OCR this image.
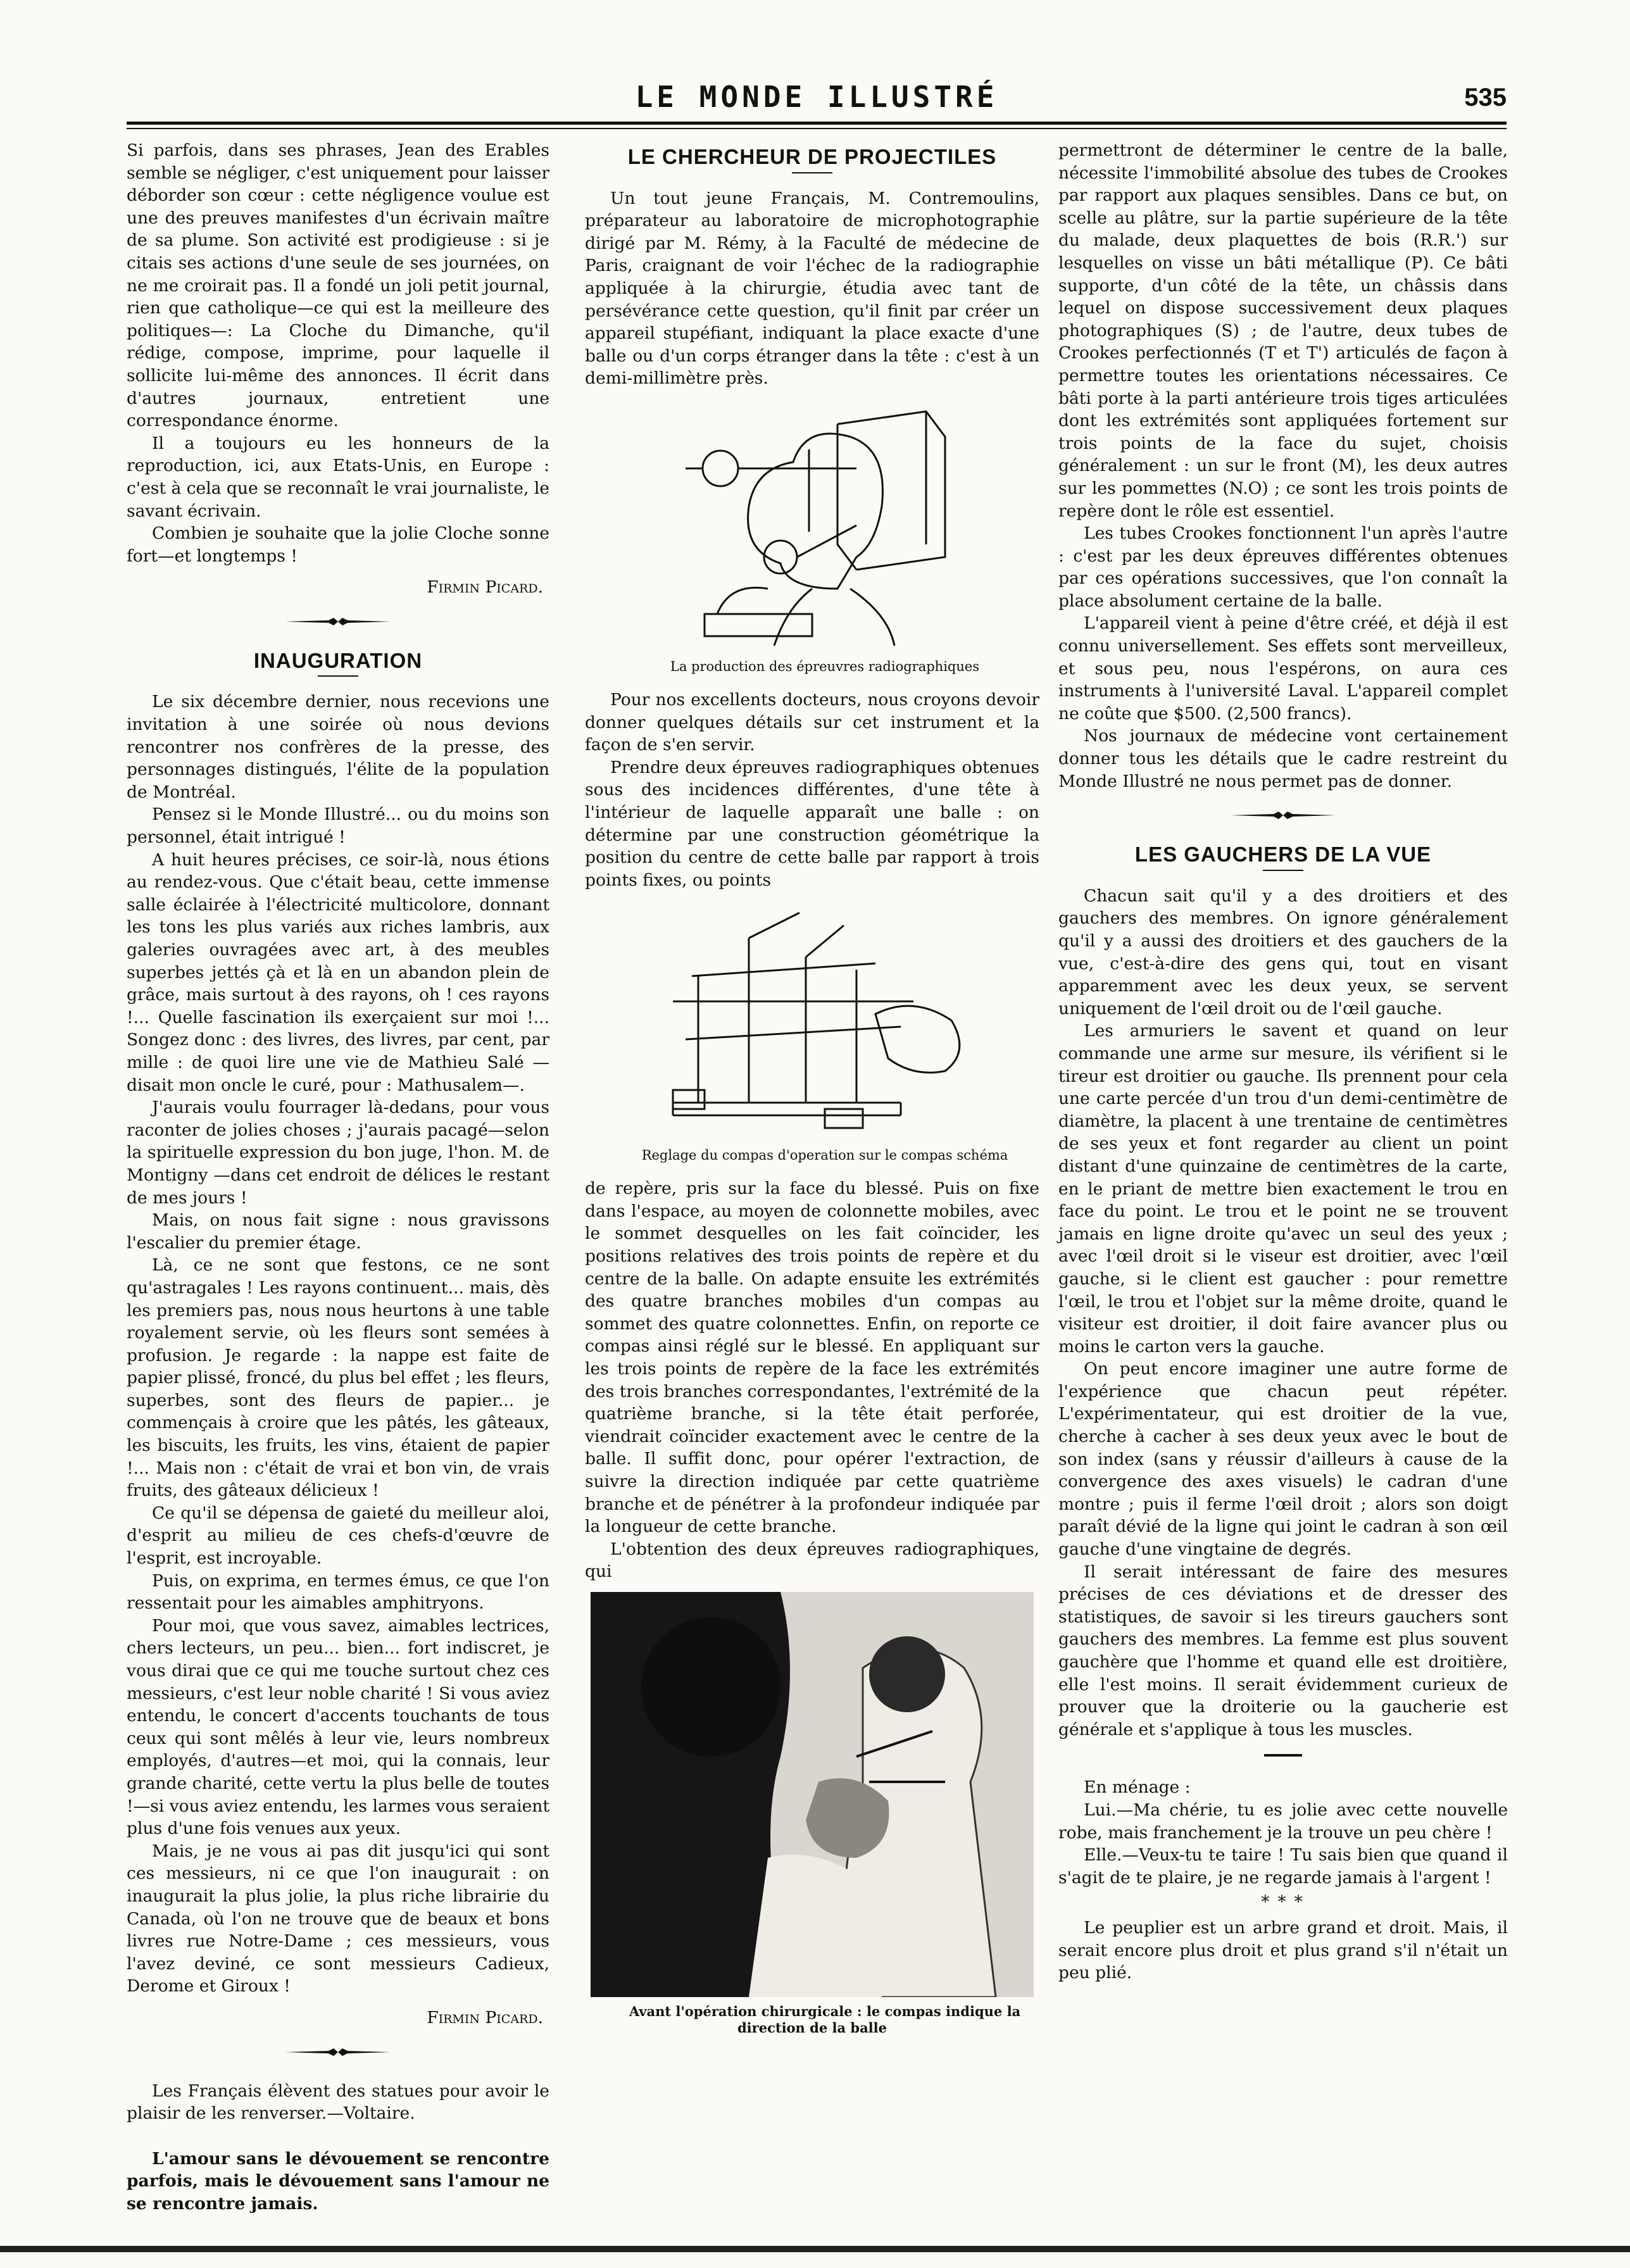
LE MONDE ILLUSTRÉ	535

Si parfois, dans ses phrases, Jean des Erables semble se négliger, c'est uniquement pour laisser déborder son cœur : cette négligence voulue est une des preuves manifestes d'un écrivain maître de sa plume. Son activité est prodigieuse : si je citais ses actions d'une seule de ses journées, on ne me croirait pas. Il a fondé un joli petit journal, rien que catholique—ce qui est la meilleure des politiques—: La Cloche du Dimanche, qu'il rédige, compose, imprime, pour laquelle il sollicite lui-même des annonces. Il écrit dans d'autres journaux, entretient une correspondance énorme.

Il a toujours eu les honneurs de la reproduction, ici, aux Etats-Unis, en Europe : c'est à cela que se reconnaît le vrai journaliste, le savant écrivain.

Combien je souhaite que la jolie Cloche sonne fort—et longtemps !

Firmin Picard.
INAUGURATION

Le six décembre dernier, nous recevions une invitation à une soirée où nous devions rencontrer nos confrères de la presse, des personnages distingués, l'élite de la population de Montréal.

Pensez si le Monde Illustré... ou du moins son personnel, était intrigué !

A huit heures précises, ce soir-là, nous étions au rendez-vous. Que c'était beau, cette immense salle éclairée à l'électricité multicolore, donnant les tons les plus variés aux riches lambris, aux galeries ouvragées avec art, à des meubles superbes jettés çà et là en un abandon plein de grâce, mais surtout à des rayons, oh ! ces rayons !... Quelle fascination ils exerçaient sur moi !... Songez donc : des livres, des livres, par cent, par mille : de quoi lire une vie de Mathieu Salé —disait mon oncle le curé, pour : Mathusalem—.

J'aurais voulu fourrager là-dedans, pour vous raconter de jolies choses ; j'aurais pacagé—selon la spirituelle expression du bon juge, l'hon. M. de Montigny —dans cet endroit de délices le restant de mes jours !

Mais, on nous fait signe : nous gravissons l'escalier du premier étage.

Là, ce ne sont que festons, ce ne sont qu'astragales ! Les rayons continuent... mais, dès les premiers pas, nous nous heurtons à une table royalement servie, où les fleurs sont semées à profusion. Je regarde : la nappe est faite de papier plissé, froncé, du plus bel effet ; les fleurs, superbes, sont des fleurs de papier... je commençais à croire que les pâtés, les gâteaux, les biscuits, les fruits, les vins, étaient de papier !... Mais non : c'était de vrai et bon vin, de vrais fruits, des gâteaux délicieux !

Ce qu'il se dépensa de gaieté du meilleur aloi, d'esprit au milieu de ces chefs-d'œuvre de l'esprit, est incroyable.

Puis, on exprima, en termes émus, ce que l'on ressentait pour les aimables amphitryons.

Pour moi, que vous savez, aimables lectrices, chers lecteurs, un peu... bien... fort indiscret, je vous dirai que ce qui me touche surtout chez ces messieurs, c'est leur noble charité ! Si vous aviez entendu, le concert d'accents touchants de tous ceux qui sont mêlés à leur vie, leurs nombreux employés, d'autres—et moi, qui la connais, leur grande charité, cette vertu la plus belle de toutes !—si vous aviez entendu, les larmes vous seraient plus d'une fois venues aux yeux.

Mais, je ne vous ai pas dit jusqu'ici qui sont ces messieurs, ni ce que l'on inaugurait : on inaugurait la plus jolie, la plus riche librairie du Canada, où l'on ne trouve que de beaux et bons livres rue Notre-Dame ; ces messieurs, vous l'avez deviné, ce sont messieurs Cadieux, Derome et Giroux !

Firmin Picard.

Les Français élèvent des statues pour avoir le plaisir de les renverser.—Voltaire.

L'amour sans le dévouement se rencontre parfois, mais le dévouement sans l'amour ne se rencontre jamais.

LE CHERCHEUR DE PROJECTILES

Un tout jeune Français, M. Contremoulins, préparateur au laboratoire de microphotographie dirigé par M. Rémy, à la Faculté de médecine de Paris, craignant de voir l'échec de la radiographie appliquée à la chirurgie, étudia avec tant de persévérance cette question, qu'il finit par créer un appareil stupéfiant, indiquant la place exacte d'une balle ou d'un corps étranger dans la tête : c'est à un demi-millimètre près.

La production des épreuvres radiographiques

Pour nos excellents docteurs, nous croyons devoir donner quelques détails sur cet instrument et la façon de s'en servir.

Prendre deux épreuves radiographiques obtenues sous des incidences différentes, d'une tête à l'intérieur de laquelle apparaît une balle : on détermine par une construction géométrique la position du centre de cette balle par rapport à trois points fixes, ou points

Reglage du compas d'operation sur le compas schéma

de repère, pris sur la face du blessé. Puis on fixe dans l'espace, au moyen de colonnette mobiles, avec le sommet desquelles on les fait coïncider, les positions relatives des trois points de repère et du centre de la balle. On adapte ensuite les extrémités des quatre branches mobiles d'un compas au sommet des quatre colonnettes. Enfin, on reporte ce compas ainsi réglé sur le blessé. En appliquant sur les trois points de repère de la face les extrémités des trois branches correspondantes, l'extrémité de la quatrième branche, si la tête était perforée, viendrait coïncider exactement avec le centre de la balle. Il suffit donc, pour opérer l'extraction, de suivre la direction indiquée par cette quatrième branche et de pénétrer à la profondeur indiquée par la longueur de cette branche.

L'obtention des deux épreuves radiographiques, qui

Avant l'opération chirurgicale : le compas indique la direction de la balle

permettront de déterminer le centre de la balle, nécessite l'immobilité absolue des tubes de Crookes par rapport aux plaques sensibles. Dans ce but, on scelle au plâtre, sur la partie supérieure de la tête du malade, deux plaquettes de bois (R.R.') sur lesquelles on visse un bâti métallique (P). Ce bâti supporte, d'un côté de la tête, un châssis dans lequel on dispose successivement deux plaques photographiques (S) ; de l'autre, deux tubes de Crookes perfectionnés (T et T') articulés de façon à permettre toutes les orientations nécessaires. Ce bâti porte à la parti antérieure trois tiges articulées dont les extrémités sont appliquées fortement sur trois points de la face du sujet, choisis généralement : un sur le front (M), les deux autres sur les pommettes (N.O) ; ce sont les trois points de repère dont le rôle est essentiel.

Les tubes Crookes fonctionnent l'un après l'autre : c'est par les deux épreuves différentes obtenues par ces opérations successives, que l'on connaît la place absolument certaine de la balle.

L'appareil vient à peine d'être créé, et déjà il est connu universellement. Ses effets sont merveilleux, et sous peu, nous l'espérons, on aura ces instruments à l'université Laval. L'appareil complet ne coûte que $500. (2,500 francs).

Nos journaux de médecine vont certainement donner tous les détails que le cadre restreint du Monde Illustré ne nous permet pas de donner.

LES GAUCHERS DE LA VUE

Chacun sait qu'il y a des droitiers et des gauchers des membres. On ignore généralement qu'il y a aussi des droitiers et des gauchers de la vue, c'est-à-dire des gens qui, tout en visant apparemment avec les deux yeux, se servent uniquement de l'œil droit ou de l'œil gauche.

Les armuriers le savent et quand on leur commande une arme sur mesure, ils vérifient si le tireur est droitier ou gauche. Ils prennent pour cela une carte percée d'un trou d'un demi-centimètre de diamètre, la placent à une trentaine de centimètres de ses yeux et font regarder au client un point distant d'une quinzaine de centimètres de la carte, en le priant de mettre bien exactement le trou en face du point. Le trou et le point ne se trouvent jamais en ligne droite qu'avec un seul des yeux ; avec l'œil droit si le viseur est droitier, avec l'œil gauche, si le client est gaucher : pour remettre l'œil, le trou et l'objet sur la même droite, quand le visiteur est droitier, il doit faire avancer plus ou moins le carton vers la gauche.

On peut encore imaginer une autre forme de l'expérience que chacun peut répéter. L'expérimentateur, qui est droitier de la vue, cherche à cacher à ses deux yeux avec le bout de son index (sans y réussir d'ailleurs à cause de la convergence des axes visuels) le cadran d'une montre ; puis il ferme l'œil droit ; alors son doigt paraît dévié de la ligne qui joint le cadran à son œil gauche d'une vingtaine de degrés.

Il serait intéressant de faire des mesures précises de ces déviations et de dresser des statistiques, de savoir si les tireurs gauchers sont gauchers des membres. La femme est plus souvent gauchère que l'homme et quand elle est droitière, elle l'est moins. Il serait évidemment curieux de prouver que la droiterie ou la gaucherie est générale et s'applique à tous les muscles.

En ménage :

Lui.—Ma chérie, tu es jolie avec cette nouvelle robe, mais franchement je la trouve un peu chère !

Elle.—Veux-tu te taire ! Tu sais bien que quand il s'agit de te plaire, je ne regarde jamais à l'argent !

* * *

Le peuplier est un arbre grand et droit. Mais, il serait encore plus droit et plus grand s'il n'était un peu plié.
